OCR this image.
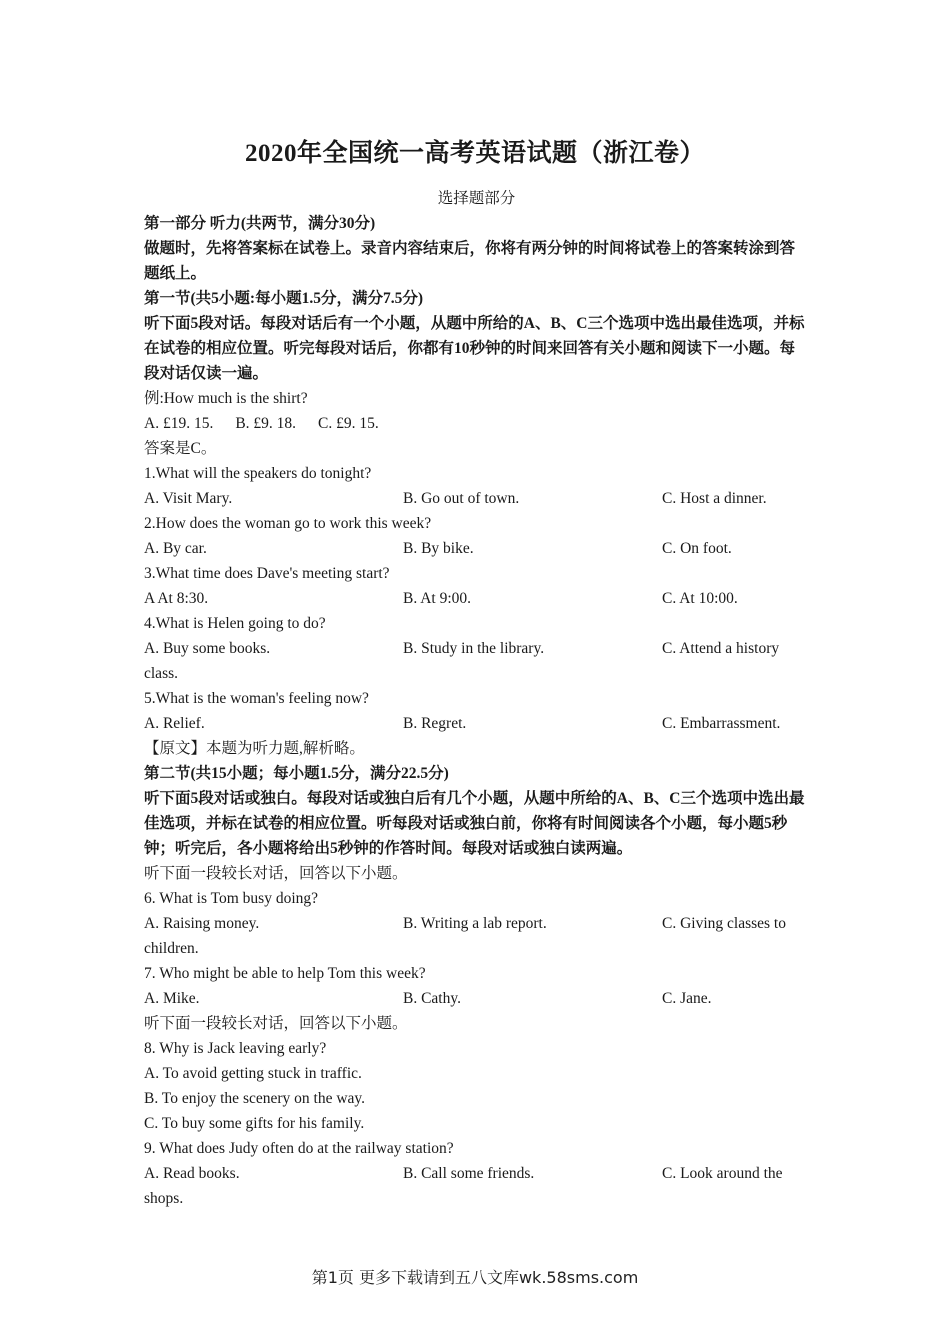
2020年全国统一高考英语试题（浙江卷）
选择题部分
第一部分 听力(共两节，满分30分)
做题时，先将答案标在试卷上。录音内容结束后，你将有两分钟的时间将试卷上的答案转涂到答题纸上。
第一节(共5小题:每小题1.5分，满分7.5分)
听下面5段对话。每段对话后有一个小题，从题中所给的A、B、C三个选项中选出最佳选项，并标在试卷的相应位置。听完每段对话后，你都有10秒钟的时间来回答有关小题和阅读下一小题。每段对话仅读一遍。
例:How much is the shirt?
A. £19. 15. B. £9. 18. C. £9. 15.
答案是C。
1.What will the speakers do tonight?
A. Visit Mary.	B. Go out of town.	C. Host a dinner.
2.How does the woman go to work this week?
A. By car.	B. By bike.	C. On foot.
3.What time does Dave's meeting start?
A At 8:30.	B. At 9:00.	C. At 10:00.
4.What is Helen going to do?
A. Buy some books.	B. Study in the library.	C. Attend a history
class.
5.What is the woman's feeling now?
A. Relief.	B. Regret.	C. Embarrassment.
【原文】本题为听力题,解析略。
第二节(共15小题；每小题1.5分，满分22.5分)
听下面5段对话或独白。每段对话或独白后有几个小题，从题中所给的A、B、C三个选项中选出最佳选项，并标在试卷的相应位置。听每段对话或独白前，你将有时间阅读各个小题，每小题5秒钟；听完后，各小题将给出5秒钟的作答时间。每段对话或独白读两遍。
听下面一段较长对话，回答以下小题。
6. What is Tom busy doing?
A. Raising money.	B. Writing a lab report.	C. Giving classes to
children.
7. Who might be able to help Tom this week?
A. Mike.	B. Cathy.	C. Jane.
听下面一段较长对话，回答以下小题。
8. Why is Jack leaving early?
A. To avoid getting stuck in traffic.
B. To enjoy the scenery on the way.
C. To buy some gifts for his family.
9. What does Judy often do at the railway station?
A. Read books.	B. Call some friends.	C. Look around the
shops.
第1页 更多下载请到五八文库wk.58sms.com
